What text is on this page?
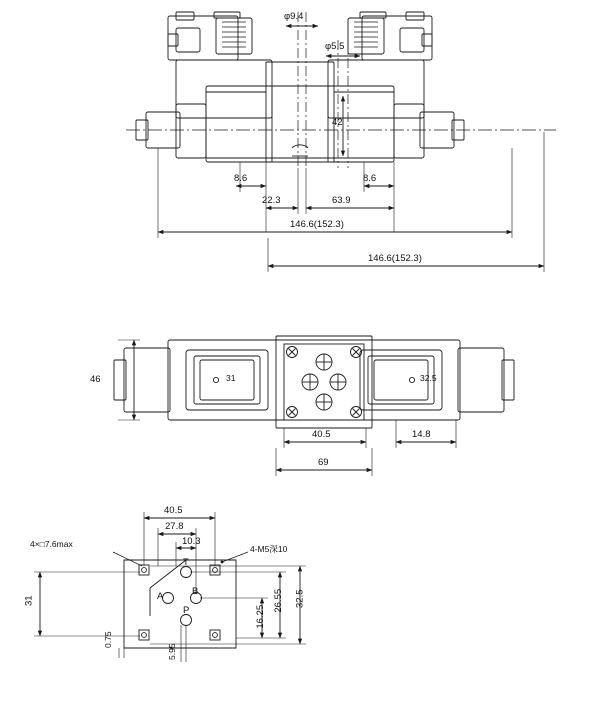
φ9.4
φ5.5
42
8.6	8.6
22.3	63.9
146.6(152.3)
146.6(152.3)
46	31	32.5
40.5	14.8
69
40.5
27.8
10.3
31	32.5
26.55
16.25
0.75
5.95
4×□7.6max	4-M5深10
T
A	B
P
